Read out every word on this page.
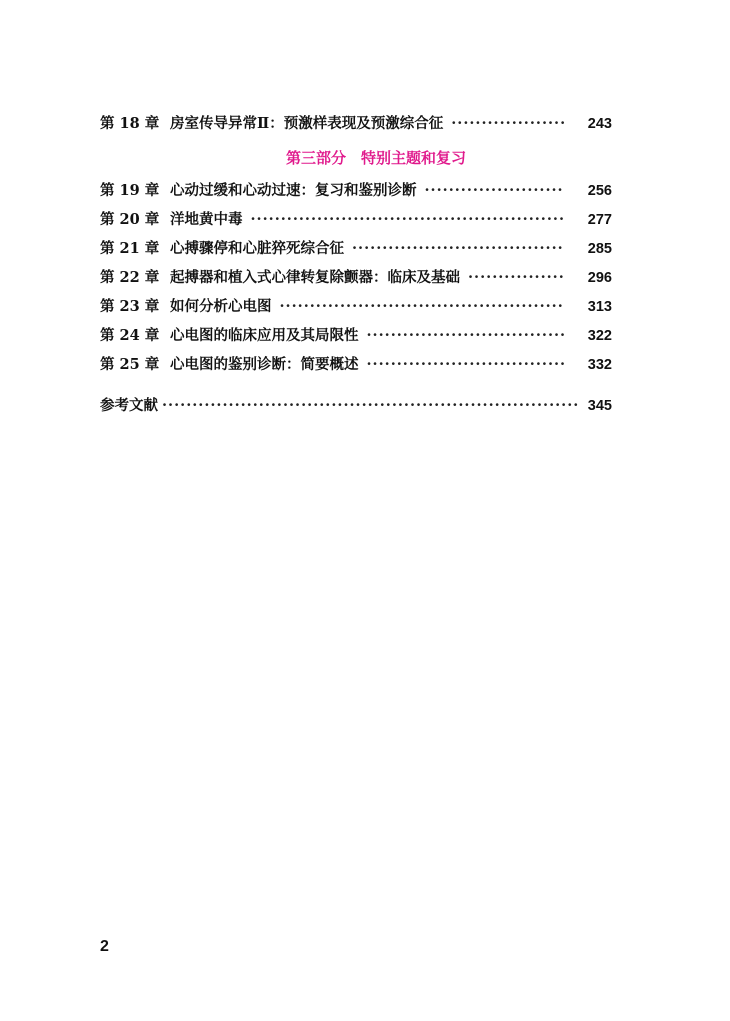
第 18 章 房室传导异常Ⅱ：预激样表现及预激综合征 ·····	243
第三部分　特别主题和复习
第 19 章 心动过缓和心动过速：复习和鉴别诊断 ·····	256
第 20 章 洋地黄中毒 ·····	277
第 21 章 心搏骤停和心脏猝死综合征 ·····	285
第 22 章 起搏器和植入式心律转复除颤器：临床及基础 ·····	296
第 23 章 如何分析心电图 ·····	313
第 24 章 心电图的临床应用及其局限性 ·····	322
第 25 章 心电图的鉴别诊断：简要概述 ·····	332
参考文献 ·····	345
2
